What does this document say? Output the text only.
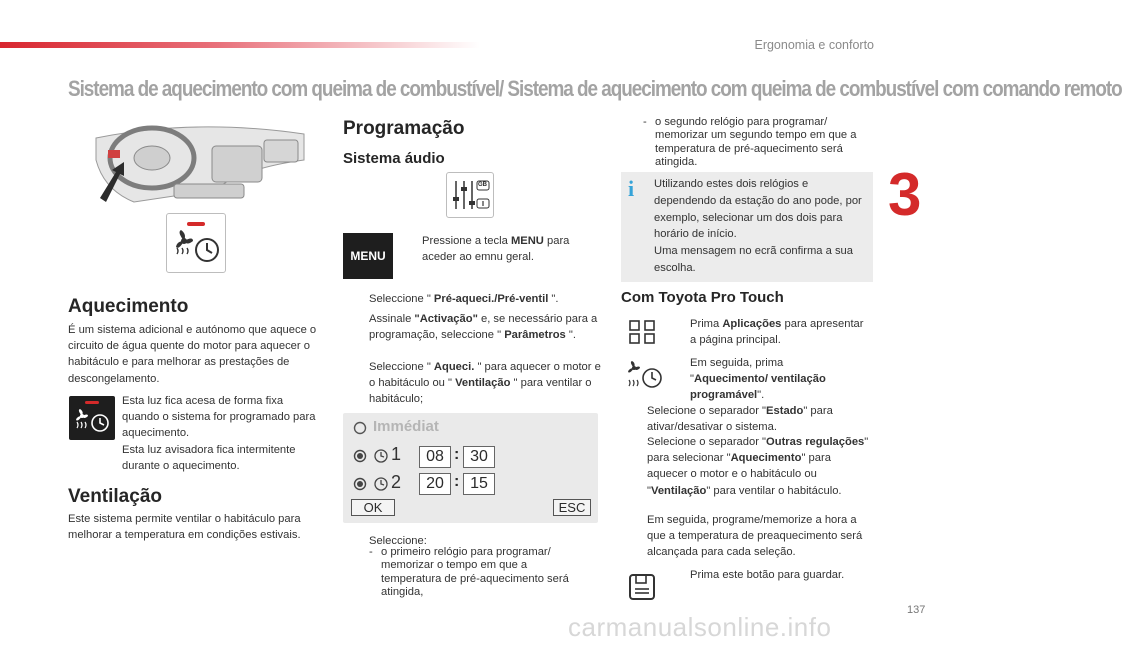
Ergonomia e conforto
Sistema de aquecimento com queima de combustível/ Sistema de aquecimento com queima de combustível com comando remoto
3
Aquecimento
É um sistema adicional e autónomo que aquece o circuito de água quente do motor para aquecer o habitáculo e para melhorar as prestações de descongelamento.
Esta luz fica acesa de forma fixa quando o sistema for programado para aquecimento.
Esta luz avisadora fica intermitente durante o aquecimento.
Ventilação
Este sistema permite ventilar o habitáculo para melhorar a temperatura em condições estivais.
Programação
Sistema áudio
GB
MENU
Pressione a tecla MENU para aceder ao emnu geral.
Seleccione " Pré-aqueci./Pré-ventil ".
Assinale "Activação" e, se necessário para a programação, seleccione " Parâmetros ".
Seleccione " Aqueci. " para aquecer o motor e o habitáculo ou " Ventilação " para ventilar o habitáculo;
Immédiat
1	08 : 30
2	20 : 15
OK	ESC
Seleccione:
- o primeiro relógio para programar/ memorizar o tempo em que a temperatura de pré-aquecimento será atingida,
- o segundo relógio para programar/ memorizar um segundo tempo em que a temperatura de pré-aquecimento será atingida.
i Utilizando estes dois relógios e dependendo da estação do ano pode, por exemplo, selecionar um dos dois para horário de início.
Uma mensagem no ecrã confirma a sua escolha.
Com Toyota Pro Touch
Prima Aplicações para apresentar a página principal.
Em seguida, prima "Aquecimento/ ventilação programável".
Selecione o separador "Estado" para ativar/desativar o sistema.
Selecione o separador "Outras regulações" para selecionar "Aquecimento" para aquecer o motor e o habitáculo ou "Ventilação" para ventilar o habitáculo.
Em seguida, programe/memorize a hora a que a temperatura de preaquecimento será alcançada para cada seleção.
Prima este botão para guardar.
137
carmanualsonline.info
